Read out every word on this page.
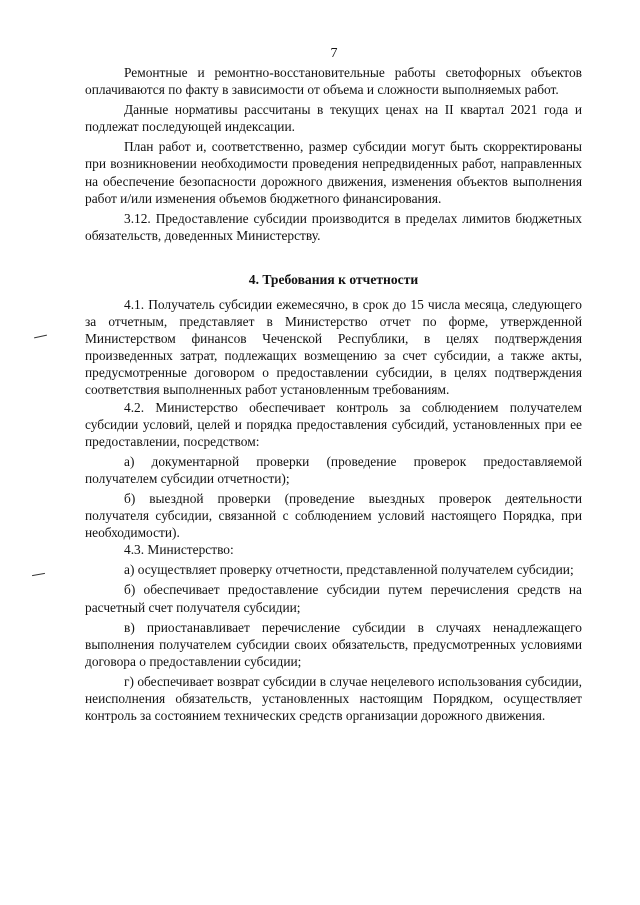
7

Ремонтные и ремонтно-восстановительные работы светофорных объектов оплачиваются по факту в зависимости от объема и сложности выполняемых работ.

Данные нормативы рассчитаны в текущих ценах на II квартал 2021 года и подлежат последующей индексации.

План работ и, соответственно, размер субсидии могут быть скорректированы при возникновении необходимости проведения непредвиденных работ, направленных на обеспечение безопасности дорожного движения, изменения объектов выполнения работ и/или изменения объемов бюджетного финансирования.

3.12. Предоставление субсидии производится в пределах лимитов бюджетных обязательств, доведенных Министерству.

4. Требования к отчетности

4.1. Получатель субсидии ежемесячно, в срок до 15 числа месяца, следующего за отчетным, представляет в Министерство отчет по форме, утвержденной Министерством финансов Чеченской Республики, в целях подтверждения произведенных затрат, подлежащих возмещению за счет субсидии, а также акты, предусмотренные договором о предоставлении субсидии, в целях подтверждения соответствия выполненных работ установленным требованиям.

4.2. Министерство обеспечивает контроль за соблюдением получателем субсидии условий, целей и порядка предоставления субсидий, установленных при ее предоставлении, посредством:

а) документарной проверки (проведение проверок предоставляемой получателем субсидии отчетности);

б) выездной проверки (проведение выездных проверок деятельности получателя субсидии, связанной с соблюдением условий настоящего Порядка, при необходимости).

4.3. Министерство:

а) осуществляет проверку отчетности, представленной получателем субсидии;

б) обеспечивает предоставление субсидии путем перечисления средств на расчетный счет получателя субсидии;

в) приостанавливает перечисление субсидии в случаях ненадлежащего выполнения получателем субсидии своих обязательств, предусмотренных условиями договора о предоставлении субсидии;

г) обеспечивает возврат субсидии в случае нецелевого использования субсидии, неисполнения обязательств, установленных настоящим Порядком, осуществляет контроль за состоянием технических средств организации дорожного движения.
